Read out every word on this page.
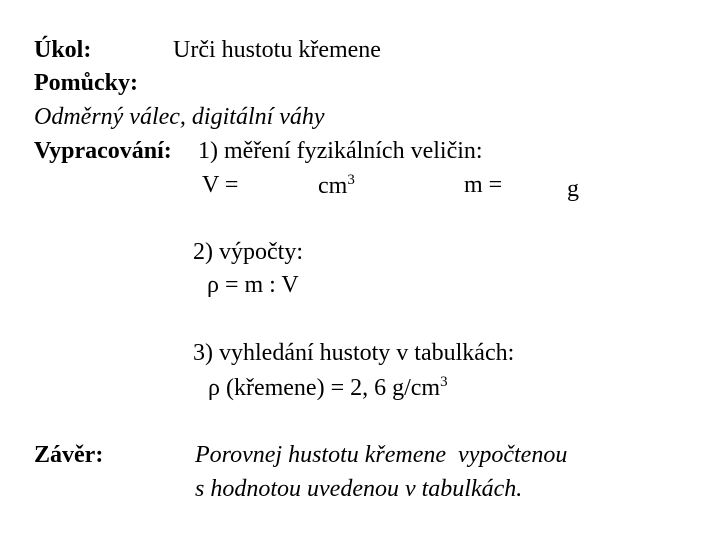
Úkol:	Urči hustotu křemene
Pomůcky:
Odměrný válec, digitální váhy
Vypracování: 1) měření fyzikálních veličin:
V =	$cm^3$	m =	g
2) výpočty:
ρ = m : V
3) vyhledání hustoty v tabulkách:
ρ (křemene) = 2, 6 $g/cm^3$
Závěr:	Porovnej hustotu křemene  vypočtenou
s hodnotou uvedenou v tabulkách.
